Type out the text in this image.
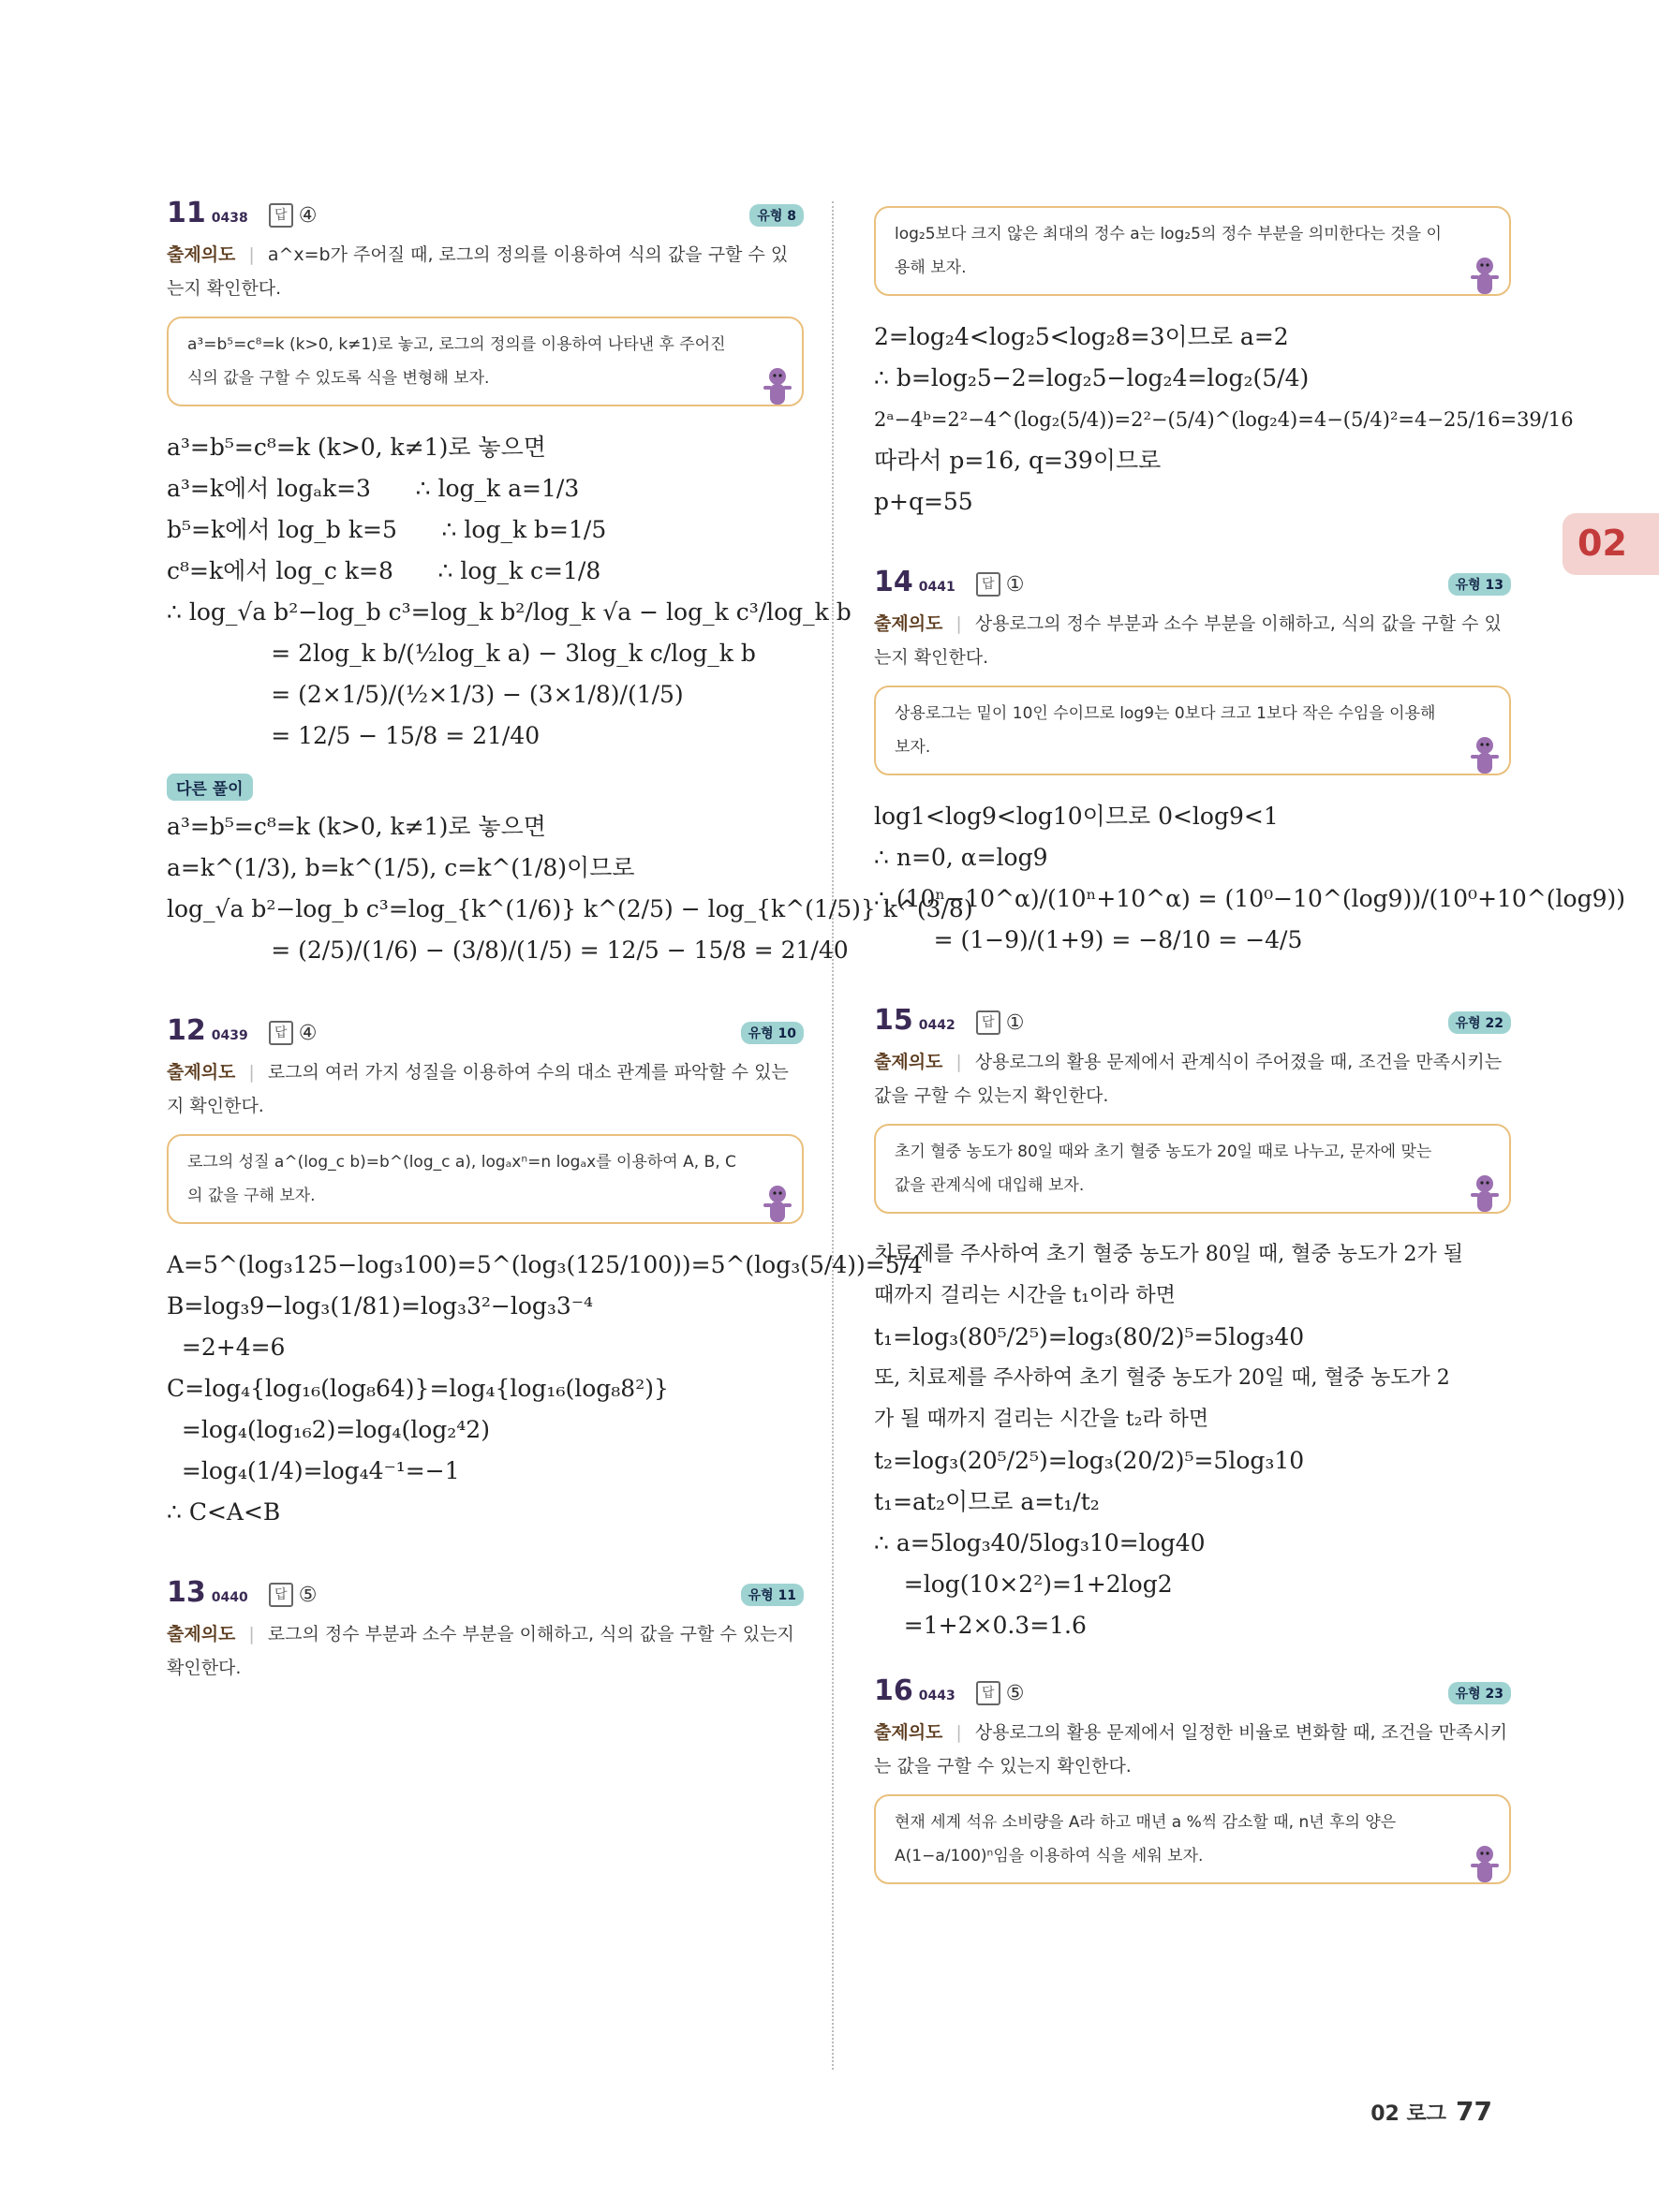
11 0438 답 ④	유형 8
출제의도 | a^x=b가 주어질 때, 로그의 정의를 이용하여 식의 값을 구할 수 있는지 확인한다.
a³=b⁵=c⁸=k (k>0, k≠1)로 놓고, 로그의 정의를 이용하여 나타낸 후 주어진 식의 값을 구할 수 있도록 식을 변형해 보자.
a³=b⁵=c⁸=k (k>0, k≠1)로 놓으면
a³=k에서 logₐk=3      ∴ log_k a=1/3
b⁵=k에서 log_b k=5      ∴ log_k b=1/5
c⁸=k에서 log_c k=8      ∴ log_k c=1/8
∴ log_√a b²−log_b c³=log_k b²/log_k √a − log_k c³/log_k b
= 2log_k b/(½log_k a) − 3log_k c/log_k b
= (2×1/5)/(½×1/3) − (3×1/8)/(1/5)
= 12/5 − 15/8 = 21/40
다른 풀이
a³=b⁵=c⁸=k (k>0, k≠1)로 놓으면
a=k^(1/3), b=k^(1/5), c=k^(1/8)이므로
log_√a b²−log_b c³=log_{k^(1/6)} k^(2/5) − log_{k^(1/5)} k^(3/8)
= (2/5)/(1/6) − (3/8)/(1/5) = 12/5 − 15/8 = 21/40
12 0439 답 ④	유형 10
출제의도 | 로그의 여러 가지 성질을 이용하여 수의 대소 관계를 파악할 수 있는지 확인한다.
로그의 성질 a^(log_c b)=b^(log_c a), logₐxⁿ=n logₐx를 이용하여 A, B, C의 값을 구해 보자.
A=5^(log₃125−log₃100)=5^(log₃(125/100))=5^(log₃(5/4))=5/4
B=log₃9−log₃(1/81)=log₃3²−log₃3⁻⁴
=2+4=6
C=log₄{log₁₆(log₈64)}=log₄{log₁₆(log₈8²)}
=log₄(log₁₆2)=log₄(log₂⁴2)
=log₄(1/4)=log₄4⁻¹=−1
∴ C<A<B
13 0440 답 ⑤	유형 11
출제의도 | 로그의 정수 부분과 소수 부분을 이해하고, 식의 값을 구할 수 있는지 확인한다.
log₂5보다 크지 않은 최대의 정수 a는 log₂5의 정수 부분을 의미한다는 것을 이용해 보자.
2=log₂4<log₂5<log₂8=3이므로 a=2
∴ b=log₂5−2=log₂5−log₂4=log₂(5/4)
2ᵃ−4ᵇ=2²−4^(log₂(5/4))=2²−(5/4)^(log₂4)=4−(5/4)²=4−25/16=39/16
따라서 p=16, q=39이므로
p+q=55
14 0441 답 ①	유형 13
출제의도 | 상용로그의 정수 부분과 소수 부분을 이해하고, 식의 값을 구할 수 있는지 확인한다.
상용로그는 밑이 10인 수이므로 log9는 0보다 크고 1보다 작은 수임을 이용해 보자.
log1<log9<log10이므로 0<log9<1
∴ n=0, α=log9
∴ (10ⁿ−10^α)/(10ⁿ+10^α) = (10⁰−10^(log9))/(10⁰+10^(log9))
= (1−9)/(1+9) = −8/10 = −4/5
15 0442 답 ①	유형 22
출제의도 | 상용로그의 활용 문제에서 관계식이 주어졌을 때, 조건을 만족시키는 값을 구할 수 있는지 확인한다.
초기 혈중 농도가 80일 때와 초기 혈중 농도가 20일 때로 나누고, 문자에 맞는 값을 관계식에 대입해 보자.
치료제를 주사하여 초기 혈중 농도가 80일 때, 혈중 농도가 2가 될
때까지 걸리는 시간을 t₁이라 하면
t₁=log₃(80⁵/2⁵)=log₃(80/2)⁵=5log₃40
또, 치료제를 주사하여 초기 혈중 농도가 20일 때, 혈중 농도가 2
가 될 때까지 걸리는 시간을 t₂라 하면
t₂=log₃(20⁵/2⁵)=log₃(20/2)⁵=5log₃10
t₁=at₂이므로 a=t₁/t₂
∴ a=5log₃40/5log₃10=log40
=log(10×2²)=1+2log2
=1+2×0.3=1.6
16 0443 답 ⑤	유형 23
출제의도 | 상용로그의 활용 문제에서 일정한 비율로 변화할 때, 조건을 만족시키는 값을 구할 수 있는지 확인한다.
현재 세계 석유 소비량을 A라 하고 매년 a %씩 감소할 때, n년 후의 양은 A(1−a/100)ⁿ임을 이용하여 식을 세워 보자.
02
02 로그 77
